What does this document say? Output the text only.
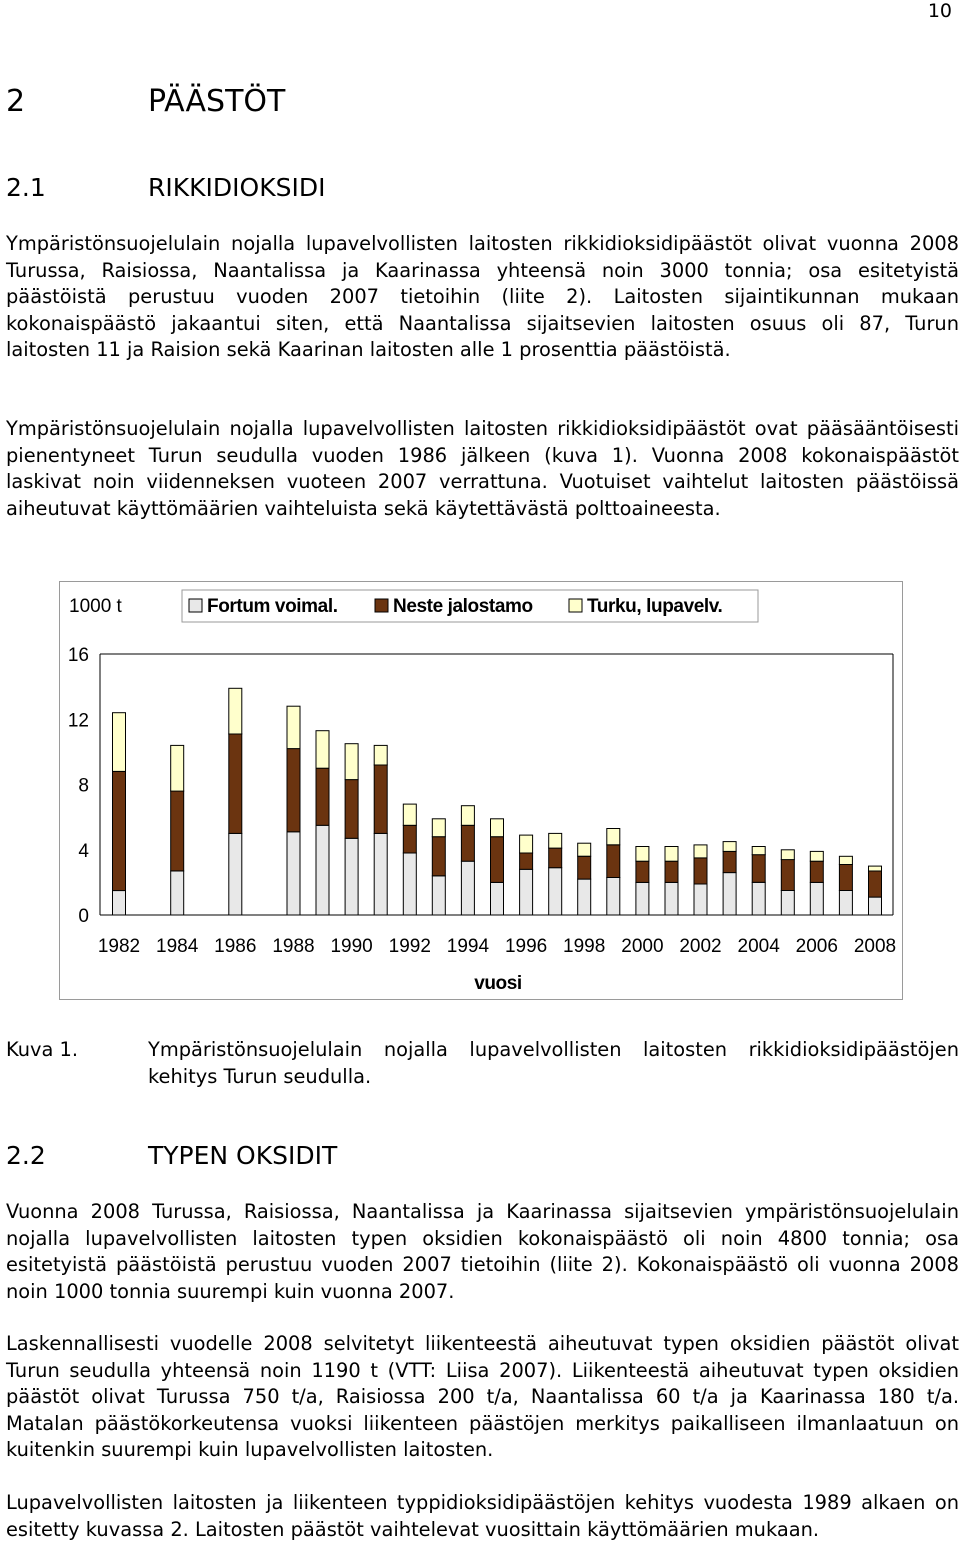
10
2	PÄÄSTÖT
2.1	RIKKIDIOKSIDI

Ympäristönsuojelulain nojalla lupavelvollisten laitosten rikkidioksidipäästöt olivat vuonna 2008 Turussa, Raisiossa, Naantalissa ja Kaarinassa yhteensä noin 3000 tonnia; osa esitetyistä päästöistä perustuu vuoden 2007 tietoihin (liite 2). Laitosten sijaintikunnan mukaan kokonaispäästö jakaantui siten, että Naantalissa sijaitsevien laitosten osuus oli 87, Turun laitosten 11 ja Raision sekä Kaarinan laitosten alle 1 prosenttia päästöistä.

Ympäristönsuojelulain nojalla lupavelvollisten laitosten rikkidioksidipäästöt ovat pääsääntöisesti pienentyneet Turun seudulla vuoden 1986 jälkeen (kuva 1). Vuonna 2008 kokonaispäästöt laskivat noin viidenneksen vuoteen 2007 verrattuna. Vuotuiset vaihtelut laitosten päästöissä aiheutuvat käyttömäärien vaihteluista sekä käytettävästä polttoaineesta.

0
4
8
12
16
1000 t
1982 1984 1986 1988 1990 1992 1994 1996 1998 2000 2002 2004 2006 2008
vuosi
Fortum voimal.	Neste jalostamo	Turku, lupavelv.
Kuva 1.	Ympäristönsuojelulain nojalla lupavelvollisten laitosten rikkidioksidipäästöjen kehitys Turun seudulla.

2.2	TYPEN OKSIDIT

Vuonna 2008 Turussa, Raisiossa, Naantalissa ja Kaarinassa sijaitsevien ympäristönsuojelulain nojalla lupavelvollisten laitosten typen oksidien kokonaispäästö oli noin 4800 tonnia; osa esitetyistä päästöistä perustuu vuoden 2007 tietoihin (liite 2). Kokonaispäästö oli vuonna 2008 noin 1000 tonnia suurempi kuin vuonna 2007.

Laskennallisesti vuodelle 2008 selvitetyt liikenteestä aiheutuvat typen oksidien päästöt olivat Turun seudulla yhteensä noin 1190 t (VTT: Liisa 2007). Liikenteestä aiheutuvat typen oksidien päästöt olivat Turussa 750 t/a, Raisiossa 200 t/a, Naantalissa 60 t/a ja Kaarinassa 180 t/a. Matalan päästökorkeutensa vuoksi liikenteen päästöjen merkitys paikalliseen ilmanlaatuun on kuitenkin suurempi kuin lupavelvollisten laitosten.

Lupavelvollisten laitosten ja liikenteen typpidioksidipäästöjen kehitys vuodesta 1989 alkaen on esitetty kuvassa 2. Laitosten päästöt vaihtelevat vuosittain käyttömäärien mukaan.
